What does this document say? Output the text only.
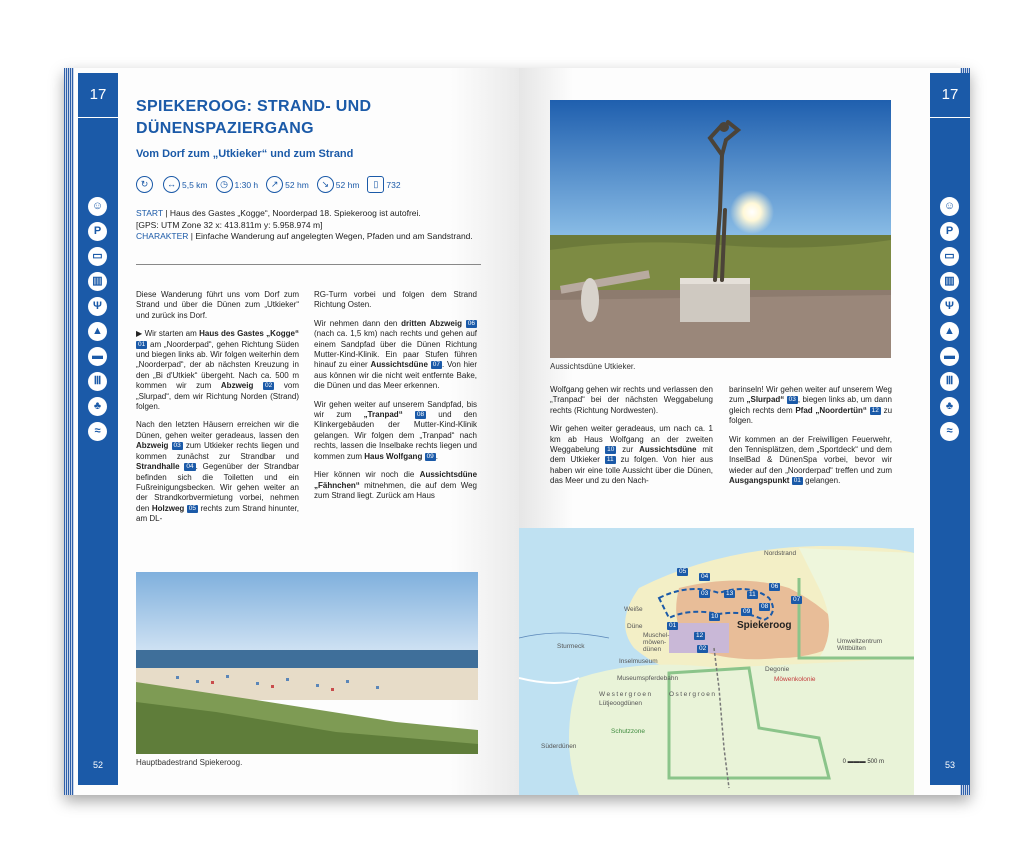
17
☺
P
▭
▥
Ψ
▲
▬
Ⅲ
♣
≈
52
SPIEKEROOG: STRAND- UND
DÜNENSPAZIERGANG
Vom Dorf zum „Utkieker“ und zum Strand
↻	↔ 5,5 km	◷ 1:30 h	↗ 52 hm	↘ 52 hm	▯ 732
START | Haus des Gastes „Kogge“, Noorderpad 18. Spiekeroog ist autofrei.
[GPS: UTM Zone 32 x: 413.811m y: 5.958.974 m]
CHARAKTER | Einfache Wanderung auf angelegten Wegen, Pfaden und am Sandstrand.

Diese Wanderung führt uns vom Dorf zum Strand und über die Dünen zum „Utkieker“ und zurück ins Dorf.

▶ Wir starten am Haus des Gastes „Kogge“ 01 am „Noorderpad“, gehen Richtung Süden und biegen links ab. Wir folgen weiterhin dem „Noorderpad“, der ab nächsten Kreuzung in den „Bi d'Utkiek“ übergeht. Nach ca. 500 m kommen wir zum Abzweig 02 vom „Slurpad“, dem wir Richtung Norden (Strand) folgen.

Nach den letzten Häusern erreichen wir die Dünen, gehen weiter geradeaus, lassen den Abzweig 03 zum Utkieker rechts liegen und kommen zunächst zur Strandbar und Strandhalle 04 . Gegenüber der Strandbar befinden sich die Toiletten und ein Fußreinigungsbecken. Wir gehen weiter an der Strandkorbvermietung vorbei, nehmen den Holzweg 05 rechts zum Strand hinunter, am DL-

RG-Turm vorbei und folgen dem Strand Richtung Osten.

Wir nehmen dann den dritten Abzweig 06 (nach ca. 1,5 km) nach rechts und gehen auf einem Sandpfad über die Dünen Richtung Mutter-Kind-Klinik. Ein paar Stufen führen hinauf zu einer Aussichtsdüne 07 . Von hier aus können wir die nicht weit entfernte Bake, die Dünen und das Meer erkennen.

Wir gehen weiter auf unserem Sandpfad, bis wir zum „Tranpad“ 08 und den Klinkergebäuden der Mutter-Kind-Klinik gelangen. Wir folgen dem „Tranpad“ nach rechts, lassen die Inselbake rechts liegen und kommen zum Haus Wolfgang 09 .

Hier können wir noch die Aussichtsdüne „Fähnchen“ mitnehmen, die auf dem Weg zum Strand liegt. Zurück am Haus

Hauptbadestrand Spiekeroog.
Aussichtsdüne Utkieker.

Wolfgang gehen wir rechts und verlassen den „Tranpad“ bei der nächsten Weggabelung rechts (Richtung Nordwesten).

Wir gehen weiter geradeaus, um nach ca. 1 km ab Haus Wolfgang an der zweiten Weggabelung 10 zur Aussichtsdüne mit dem Utkieker 11 zu folgen. Von hier aus haben wir eine tolle Aussicht über die Dünen, das Meer und zu den Nach-

barinseln! Wir gehen weiter auf unserem Weg zum „Slurpad“ 03 , biegen links ab, um dann gleich rechts dem Pfad „Noordertün“ 12 zu folgen.

Wir kommen an der Freiwilligen Feuerwehr, den Tennisplätzen, dem „Sportdeck“ und dem InselBad & DünenSpa vorbei, bevor wir wieder auf den „Noorderpad“ treffen und zum Ausgangspunkt 01 gelangen.

Spiekeroog
Nordstrand
Weiße
Düne
Muschel-
möwen-
dünen
Sturmeck
Inselmuseum
Museumspferdebahn
Westergroen	Ostergroen
Lütjeoogdünen
Schutzzone
Süderdünen
Umweltzentrum Wittbülten
Degonie
Möwenkolonie
05
04
06
07
03	13	11
08
09
10
01
12
02
0 ▬▬▬ 500 m
17
☺
P
▭
▥
Ψ
▲
▬
Ⅲ
♣
≈
53
